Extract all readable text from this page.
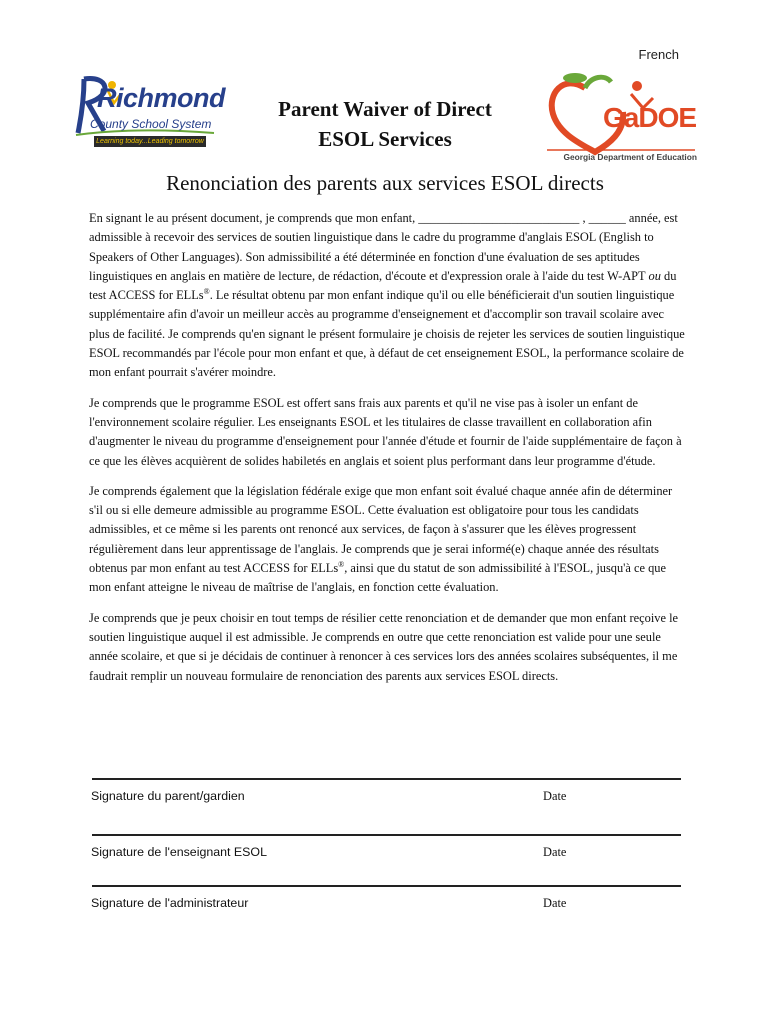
French
Richmond
County School System
Learning today...Leading tomorrow
Parent Waiver of Direct
ESOL Services
GaDOE
Georgia Department of Education
Renonciation des parents aux services ESOL directs

En signant le au présent document, je comprends que mon enfant, __________________________ , ______ année, est admissible à recevoir des services de soutien linguistique dans le cadre du programme d'anglais ESOL (English to Speakers of Other Languages). Son admissibilité a été déterminée en fonction d'une évaluation de ses aptitudes linguistiques en anglais en matière de lecture, de rédaction, d'écoute et d'expression orale à l'aide du test W-APT ou du test ACCESS for ELLs®. Le résultat obtenu par mon enfant indique qu'il ou elle bénéficierait d'un soutien linguistique supplémentaire afin d'avoir un meilleur accès au programme d'enseignement et d'accomplir son travail scolaire avec plus de facilité. Je comprends qu'en signant le présent formulaire je choisis de rejeter les services de soutien linguistique ESOL recommandés par l'école pour mon enfant et que, à défaut de cet enseignement ESOL, la performance scolaire de mon enfant pourrait s'avérer moindre.

Je comprends que le programme ESOL est offert sans frais aux parents et qu'il ne vise pas à isoler un enfant de l'environnement scolaire régulier. Les enseignants ESOL et les titulaires de classe travaillent en collaboration afin d'augmenter le niveau du programme d'enseignement pour l'année d'étude et fournir de l'aide supplémentaire de façon à ce que les élèves acquièrent de solides habiletés en anglais et soient plus performant dans leur programme d'étude.

Je comprends également que la législation fédérale exige que mon enfant soit évalué chaque année afin de déterminer s'il ou si elle demeure admissible au programme ESOL. Cette évaluation est obligatoire pour tous les candidats admissibles, et ce même si les parents ont renoncé aux services, de façon à s'assurer que les élèves progressent régulièrement dans leur apprentissage de l'anglais. Je comprends que je serai informé(e) chaque année des résultats obtenus par mon enfant au test ACCESS for ELLs®, ainsi que du statut de son admissibilité à l'ESOL, jusqu'à ce que mon enfant atteigne le niveau de maîtrise de l'anglais, en fonction cette évaluation.

Je comprends que je peux choisir en tout temps de résilier cette renonciation et de demander que mon enfant reçoive le soutien linguistique auquel il est admissible. Je comprends en outre que cette renonciation est valide pour une seule année scolaire, et que si je décidais de continuer à renoncer à ces services lors des années scolaires subséquentes, il me faudrait remplir un nouveau formulaire de renonciation des parents aux services ESOL directs.

Signature du parent/gardien	Date
Signature de l'enseignant ESOL	Date
Signature de l'administrateur	Date
